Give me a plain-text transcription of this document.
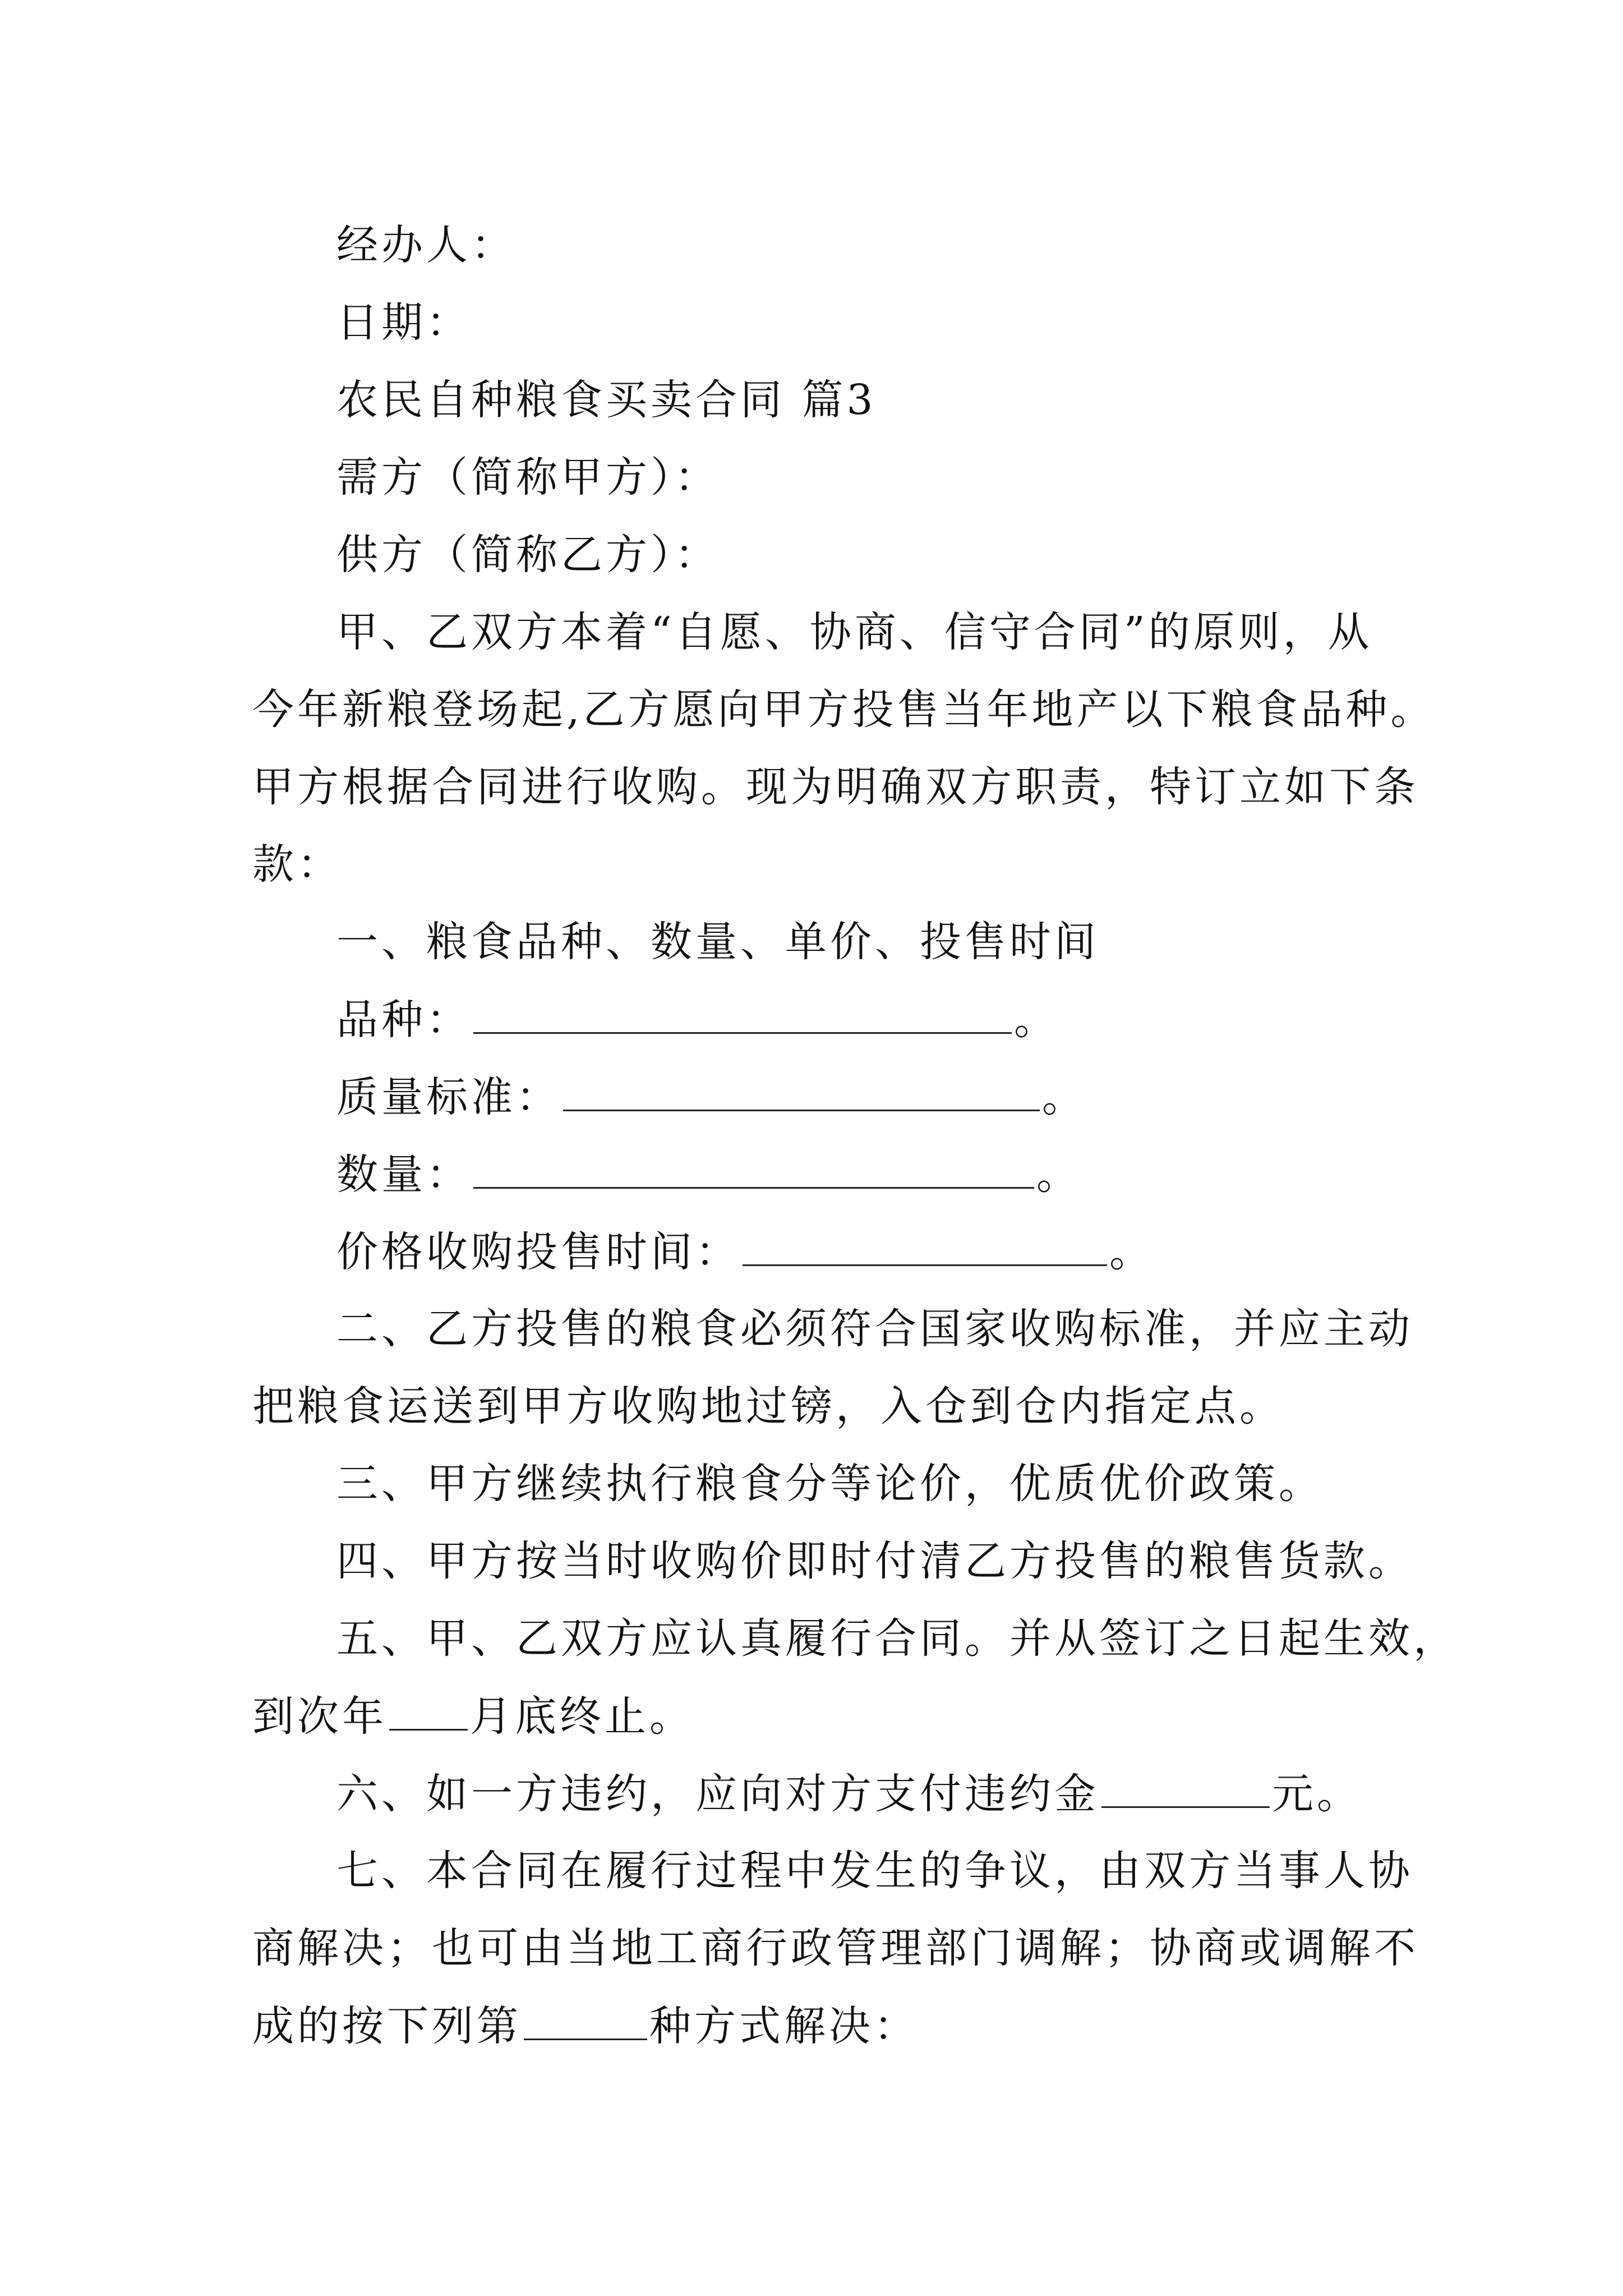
经办人：
日期：
农民自种粮食买卖合同 篇3
需方（简称甲方）：
供方（简称乙方）：
甲、乙双方本着“自愿、协商、信守合同”的原则，从
今年新粮登场起,乙方愿向甲方投售当年地产以下粮食品种。
甲方根据合同进行收购。现为明确双方职责，特订立如下条
款：
一、粮食品种、数量、单价、投售时间
品种：	。
质量标准：	。
数量：	。
价格收购投售时间：	。
二、乙方投售的粮食必须符合国家收购标准，并应主动
把粮食运送到甲方收购地过镑，入仓到仓内指定点。
三、甲方继续执行粮食分等论价，优质优价政策。
四、甲方按当时收购价即时付清乙方投售的粮售货款。
五、甲、乙双方应认真履行合同。并从签订之日起生效，
到次年 月底终止。
六、如一方违约，应向对方支付违约金	元。
七、本合同在履行过程中发生的争议，由双方当事人协
商解决；也可由当地工商行政管理部门调解；协商或调解不
成的按下列第	种方式解决：
